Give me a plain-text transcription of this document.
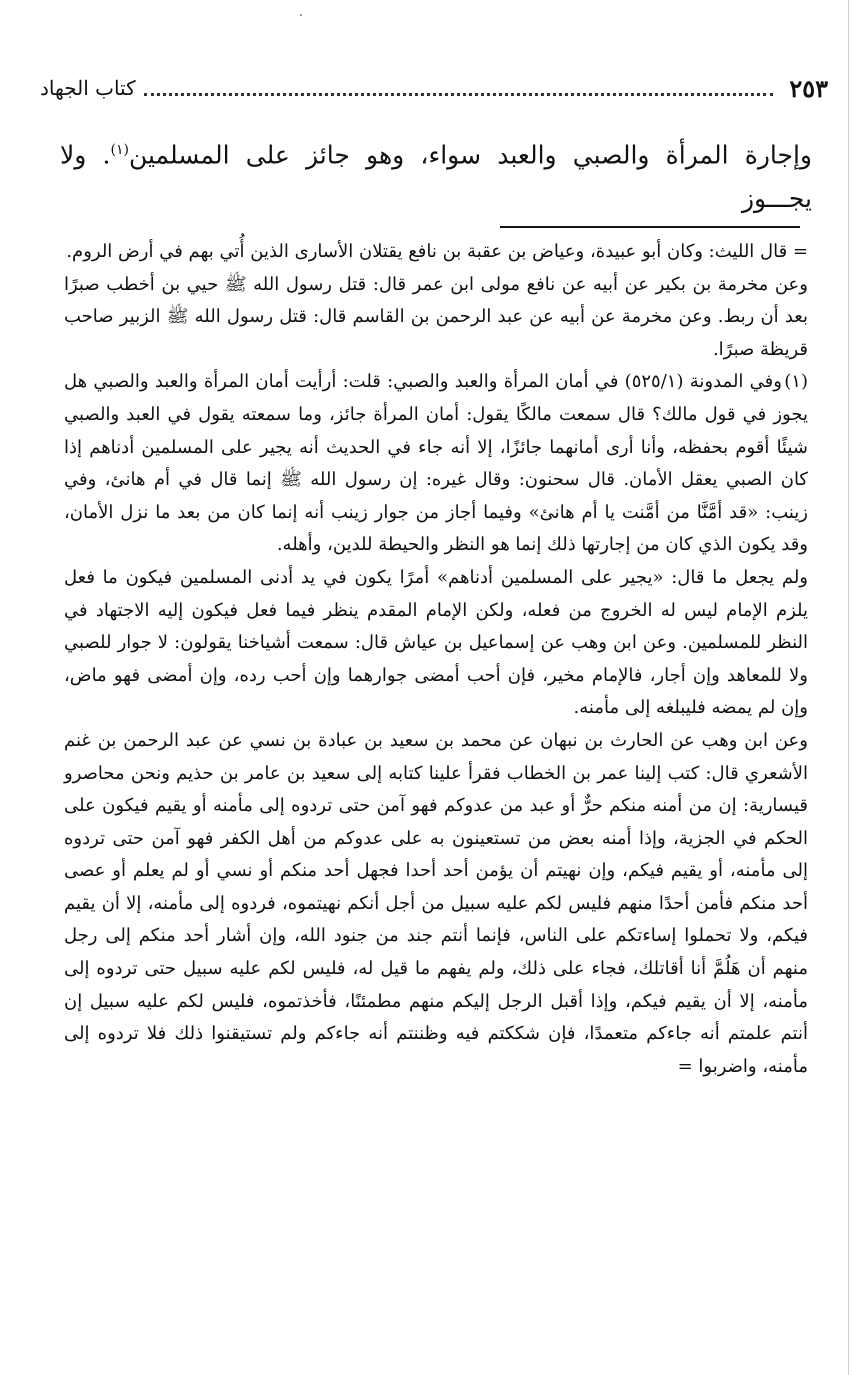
٢٥٣
كتاب الجهاد

وإجارة المرأة والصبي والعبد سواء، وهو جائز على المسلمين$^{(١)}$. ولا يجـــوز

= قال الليث: وكان أبو عبيدة، وعياض بن عقبة بن نافع يقتلان الأسارى الذين أُتي بهم في أرض الروم.

وعن مخرمة بن بكير عن أبيه عن نافع مولى ابن عمر قال: قتل رسول الله ﷺ حيي بن أخطب صبرًا بعد أن ربط. وعن مخرمة عن أبيه عن عبد الرحمن بن القاسم قال: قتل رسول الله ﷺ الزبير صاحب قريظة صبرًا.

(١)وفي المدونة (٥٢٥/١) في أمان المرأة والعبد والصبي: قلت: أرأيت أمان المرأة والعبد والصبي هل يجوز في قول مالك؟ قال سمعت مالكًا يقول: أمان المرأة جائز، وما سمعته يقول في العبد والصبي شيئًا أقوم بحفظه، وأنا أرى أمانهما جائزًا، إلا أنه جاء في الحديث أنه يجير على المسلمين أدناهم إذا كان الصبي يعقل الأمان. قال سحنون: وقال غيره: إن رسول الله ﷺ إنما قال في أم هانئ، وفي زينب: «قد أمَّنَّا من أمَّنت يا أم هانئ» وفيما أجاز من جوار زينب أنه إنما كان من بعد ما نزل الأمان، وقد يكون الذي كان من إجارتها ذلك إنما هو النظر والحيطة للدين، وأهله.

ولم يجعل ما قال: «يجير على المسلمين أدناهم» أمرًا يكون في يد أدنى المسلمين فيكون ما فعل يلزم الإمام ليس له الخروج من فعله، ولكن الإمام المقدم ينظر فيما فعل فيكون إليه الاجتهاد في النظر للمسلمين. وعن ابن وهب عن إسماعيل بن عياش قال: سمعت أشياخنا يقولون: لا جوار للصبي ولا للمعاهد وإن أجار، فالإمام مخير، فإن أحب أمضى جوارهما وإن أحب رده، وإن أمضى فهو ماض، وإن لم يمضه فليبلغه إلى مأمنه.

وعن ابن وهب عن الحارث بن نبهان عن محمد بن سعيد بن عبادة بن نسي عن عبد الرحمن بن غنم الأشعري قال: كتب إلينا عمر بن الخطاب فقرأ علينا كتابه إلى سعيد بن عامر بن حذيم ونحن محاصرو قيسارية: إن من أمنه منكم حرٌّ أو عبد من عدوكم فهو آمن حتى تردوه إلى مأمنه أو يقيم فيكون على الحكم في الجزية، وإذا أمنه بعض من تستعينون به على عدوكم من أهل الكفر فهو آمن حتى تردوه إلى مأمنه، أو يقيم فيكم، وإن نهيتم أن يؤمن أحد أحدا فجهل أحد منكم أو نسي أو لم يعلم أو عصى أحد منكم فأمن أحدًا منهم فليس لكم عليه سبيل من أجل أنكم نهيتموه، فردوه إلى مأمنه، إلا أن يقيم فيكم، ولا تحملوا إساءتكم على الناس، فإنما أنتم جند من جنود الله، وإن أشار أحد منكم إلى رجل منهم أن هَلُمَّ أنا أقاتلك، فجاء على ذلك، ولم يفهم ما قيل له، فليس لكم عليه سبيل حتى تردوه إلى مأمنه، إلا أن يقيم فيكم، وإذا أقبل الرجل إليكم منهم مطمئنًا، فأخذتموه، فليس لكم عليه سبيل إن أنتم علمتم أنه جاءكم متعمدًا، فإن شككتم فيه وظننتم أنه جاءكم ولم تستيقنوا ذلك فلا تردوه إلى مأمنه، واضربوا =
